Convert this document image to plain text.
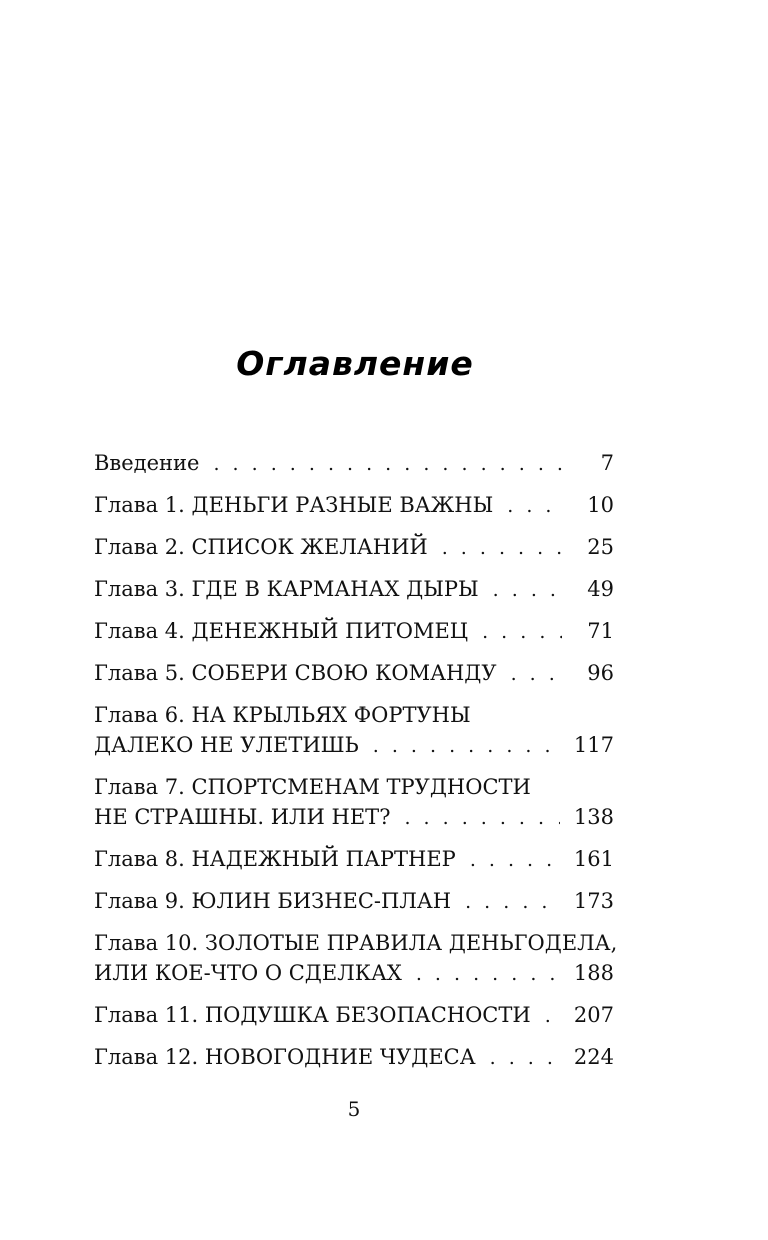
Оглавление
Введение . . .	7
Глава 1. ДЕНЬГИ РАЗНЫЕ ВАЖНЫ . . .	10
Глава 2. СПИСОК ЖЕЛАНИЙ . . .	25
Глава 3. ГДЕ В КАРМАНАХ ДЫРЫ . . .	49
Глава 4. ДЕНЕЖНЫЙ ПИТОМЕЦ . . .	71
Глава 5. СОБЕРИ СВОЮ КОМАНДУ . . .	96
Глава 6. НА КРЫЛЬЯХ ФОРТУНЫ
ДАЛЕКО НЕ УЛЕТИШЬ . . .	117
Глава 7. СПОРТСМЕНАМ ТРУДНОСТИ
НЕ СТРАШНЫ. ИЛИ НЕТ? . . .	138
Глава 8. НАДЕЖНЫЙ ПАРТНЕР . . .	161
Глава 9. ЮЛИН БИЗНЕС-ПЛАН . . .	173
Глава 10. ЗОЛОТЫЕ ПРАВИЛА ДЕНЬГОДЕЛА,
ИЛИ КОЕ-ЧТО О СДЕЛКАХ . . .	188
Глава 11. ПОДУШКА БЕЗОПАСНОСТИ . . . 207
Глава 12. НОВОГОДНИЕ ЧУДЕСА . . .	224
5
